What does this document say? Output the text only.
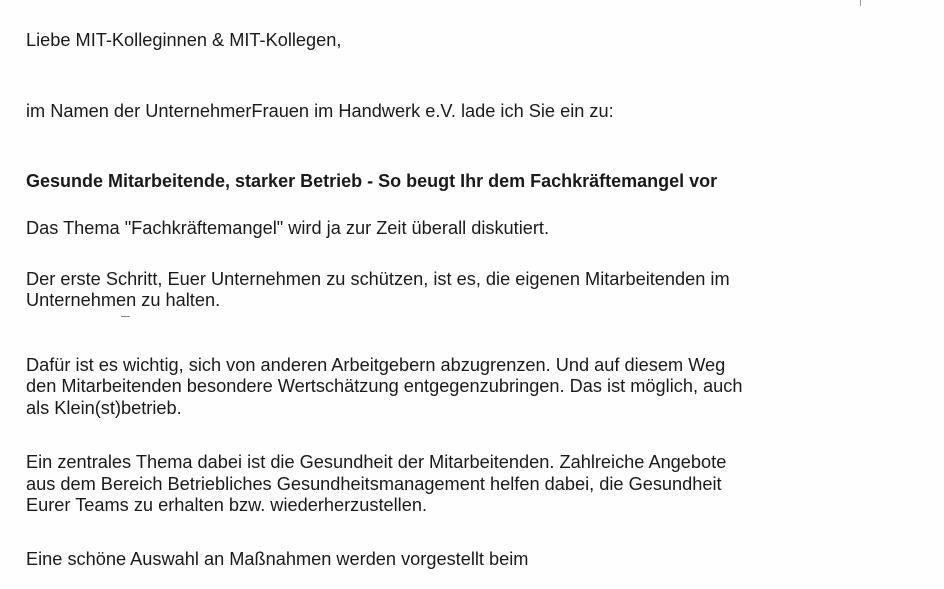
Liebe MIT-Kolleginnen & MIT-Kollegen,
im Namen der UnternehmerFrauen im Handwerk e.V. lade ich Sie ein zu:
Gesunde Mitarbeitende, starker Betrieb - So beugt Ihr dem Fachkräftemangel vor
Das Thema "Fachkräftemangel" wird ja zur Zeit überall diskutiert.
Der erste Schritt, Euer Unternehmen zu schützen, ist es, die eigenen Mitarbeitenden im
Unternehmen zu halten.
Dafür ist es wichtig, sich von anderen Arbeitgebern abzugrenzen. Und auf diesem Weg
den Mitarbeitenden besondere Wertschätzung entgegenzubringen. Das ist möglich, auch
als Klein(st)betrieb.
Ein zentrales Thema dabei ist die Gesundheit der Mitarbeitenden. Zahlreiche Angebote
aus dem Bereich Betriebliches Gesundheitsmanagement helfen dabei, die Gesundheit
Eurer Teams zu erhalten bzw. wiederherzustellen.
Eine schöne Auswahl an Maßnahmen werden vorgestellt beim
